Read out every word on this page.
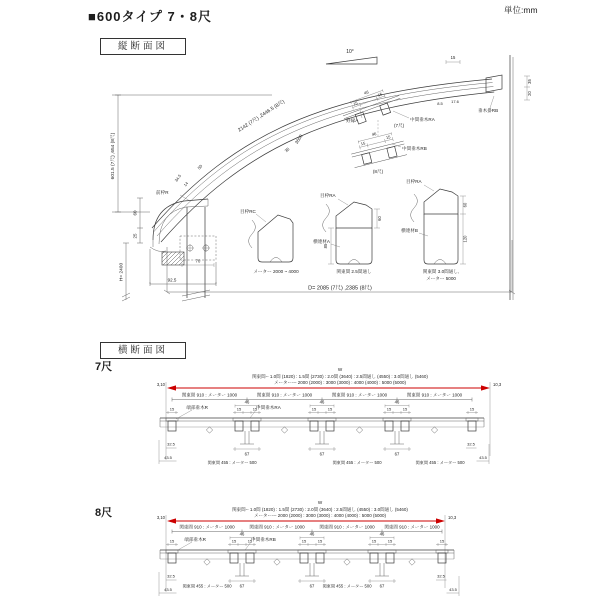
■600タイプ 7・8尺	単位:mm
縦断面図
横断面図
7尺
8尺
10°
2142 (7尺) ,2446.5 (8尺)
3600
35
50
34.5
14
601.5 (7尺) ,654 (8尺)
60
25
H= 2400
70
92.5
前枠R
D= 2085 (7尺) ,2385 (8尺)
15
35
20
8.5 17.6
垂木掛RB
15
15
46
野縁A
(7尺)
中間垂木RA
15
15
46
中間垂木RB
(8尺)
目枠RC
メーター 2000 ~ 4000
目枠RA
横連材A
60
85
関東間 2.5間通し
目枠RA
横連材B
60
120
関東間 3.0間通し,
メーター 5000
W
関東間-- 1.0間 (1820) : 1.5間 (2730) : 2.0間 (3640) : 2.5間通し (4550) : 3.0間通し (5460)
メーター--- 2000 (2000) : 3000 (3000) : 4000 (4000) : 5000 (5000)
3,10	10,3
関東間 910 : メーター 1000	関東間 910 : メーター 1000	関東間 910 : メーター 1000	関東間 910 : メーター 1000
15	15
15	15
46
15	15
46
15	15
46
端部垂木R	中間垂木RA
67	67	67
32.5
43.5
32.5
43.5
関東間 455 : メーター 500	関東間 455 : メーター 500	関東間 455 : メーター 500
W
関東間-- 1.0間 (1820) : 1.5間 (2730) : 2.0間 (3640) : 2.5間通し (4550) : 3.0間通し (5460)
メーター--- 2000 (2000) : 3000 (3000) : 4000 (4000) : 5000 (5000)
3,10	10,3
関東間 910 : メーター 1000	関東間 910 : メーター 1000	関東間 910 : メーター 1000 関東間 910 : メーター 1000
15	15
15	15
46
15	15
46
15	15
46
端部垂木R	中間垂木RB
67	67	67
32.5
43.5
32.5
43.5
関東間 455 : メーター 500	関東間 455 : メーター 500
